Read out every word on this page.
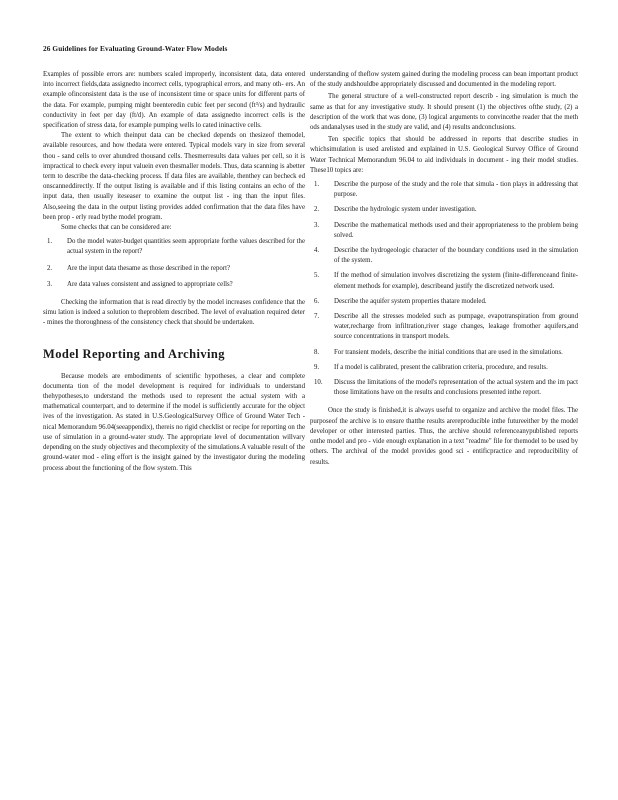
26 Guidelines for Evaluating Ground-Water Flow Models

Examples of possible errors are: numbers scaled improperly, inconsistent data, data entered into incorrect fields,data assignedto incorrect cells, typographical errors, and many oth- ers. An example ofinconsistent data is the use of inconsistent time or space units for different parts of the data. For example, pumping might beenteredin cubic feet per second (ft³/s) and hydraulic conductivity in feet per day (ft/d). An example of data assignedto incorrect cells is the specification of stress data, for example pumping wells lo cated ininactive cells.

The extent to which theinput data can be checked depends on thesizeof themodel, available resources, and how thedata were entered. Typical models vary in size from several thou - sand cells to over ahundred thousand cells. Thesmerresults data values per cell, so it is impractical to check every input valuein even thesmaller models. Thus, data scanning is abetter term to describe the data-checking process. If data files are available, thenthey can becheck ed onscanneddirectly. If the output listing is available and if this listing contains an echo of the input data, then usually iteseaser to examine the output list - ing than the input files. Also,seeing the data in the output listing provides added confirmation that the data files have been prop - erly read bythe model program.

Some checks that can be considered are:

1. Do the model water-budget quantities seem appropriate forthe values described for the actual system in the report?
2. Are the input data thesame as those described in the report?
3. Are data values consistent and assigned to appropriate cells?

Checking the information that is read directly by the model increases confidence that the simu lation is indeed a solution to theproblem described. The level of evaluation required deter - mines the thoroughness of the consistency check that should be undertaken.

Model Reporting and Archiving

Because models are embodiments of scientific hypotheses, a clear and complete documenta tion of the model development is required for individuals to understand thehypotheses,to understand the methods used to represent the actual system with a mathematical counterpart, and to determine if the model is sufficiently accurate for the object ives of the investigation. As stated in U.S.GeologicalSurvey Office of Ground Water Tech - nical Memorandum 96.04(seeappendix), thereis no rigid checklist or recipe for reporting on the use of simulation in a ground-water study. The appropriate level of documentation willvary depending on the study objectives and thecomplexity of the simulations.A valuable result of the ground-water mod - eling effort is the insight gained by the investigator during the modeling process about the functioning of the flow system. This

understanding of theflow system gained during the modeling process can bean important product of the study andshouldbe appropriately discussed and documented in the modeling report.

The general structure of a well-constructed report describ - ing simulation is much the same as that for any investigative study. It should present (1) the objectives ofthe study, (2) a description of the work that was done, (3) logical arguments to convincethe reader that the meth ods andanalyses used in the study are valid, and (4) results andconclusions.

Ten specific topics that should be addressed in reports that describe studies in whichsimulation is used arelisted and explained in U.S. Geological Survey Office of Ground Water Technical Memorandum 96.04 to aid individuals in document - ing their model studies. These10 topics are:

1. Describe the purpose of the study and the role that simula - tion plays in addressing that purpose.
2. Describe the hydrologic system under investigation.
3. Describe the mathematical methods used and their appropriateness to the problem being solved.
4. Describe the hydrogeologic character of the boundary conditions used in the simulation of the system.
5. If the method of simulation involves discretizing the system (finite-differenceand finite-element methods for example), describeand justify the discretized network used.
6. Describe the aquifer system properties thatare modeled.
7. Describe all the stresses modeled such as pumpage, evapotranspiration from ground water,recharge from infiltration,river stage changes, leakage fromother aquifers,and source concentrations in transport models.
8. For transient models, describe the initial conditions that are used in the simulations.
9. If a model is calibrated, present the calibration criteria, procedure, and results.
10. Discuss the limitations of the model's representation of the actual system and the im pact those limitations have on the results and conclusions presented inthe report.

Once the study is finished,it is always useful to organize and archive the model files. The purposeof the archive is to ensure thatthe results arereproducible inthe futureeither by the model developer or other interested parties. Thus, the archive should referenceanypublished reports onthe model and pro - vide enough explanation in a text "readme" file for themodel to be used by others. The archival of the model provides good sci - entificpractice and reproducibility of results.
